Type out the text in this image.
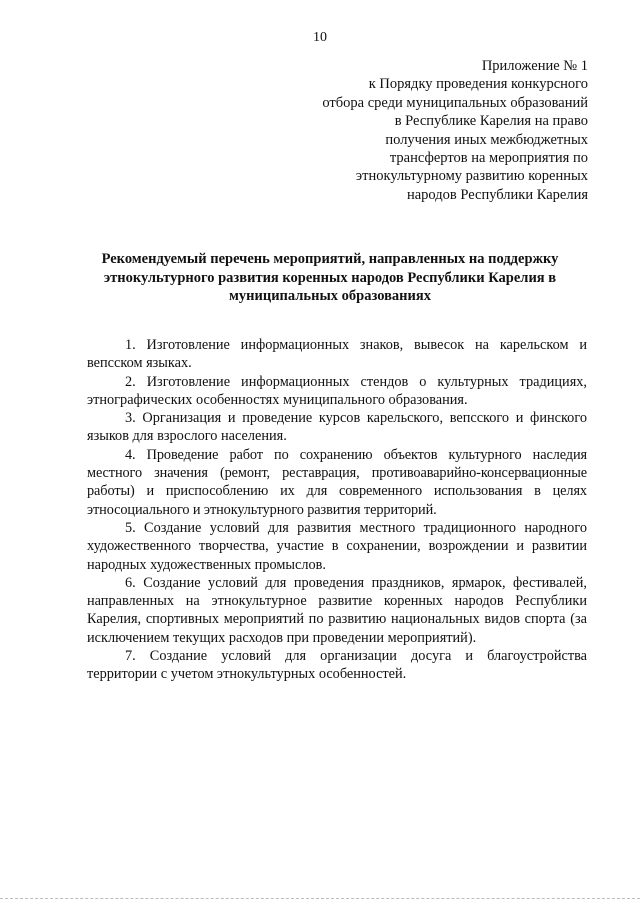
10
Приложение № 1
к Порядку проведения конкурсного
отбора среди муниципальных образований
в Республике Карелия на право
получения иных межбюджетных
трансфертов на мероприятия по
этнокультурному развитию коренных
народов Республики Карелия
Рекомендуемый перечень мероприятий, направленных на поддержку
этнокультурного развития коренных народов Республики Карелия в
муниципальных образованиях

1. Изготовление информационных знаков, вывесок на карельском и вепсском языках.

2. Изготовление информационных стендов о культурных традициях, этнографических особенностях муниципального образования.

3. Организация и проведение курсов карельского, вепсского и финского языков для взрослого населения.

4. Проведение работ по сохранению объектов культурного наследия местного значения (ремонт, реставрация, противоаварийно-консервационные работы) и приспособлению их для современного использования в целях этносоциального и этнокультурного развития территорий.

5. Создание условий для развития местного традиционного народного художественного творчества, участие в сохранении, возрождении и развитии народных художественных промыслов.

6. Создание условий для проведения праздников, ярмарок, фестивалей, направленных на этнокультурное развитие коренных народов Республики Карелия, спортивных мероприятий по развитию национальных видов спорта (за исключением текущих расходов при проведении мероприятий).

7. Создание условий для организации досуга и благоустройства территории с учетом этнокультурных особенностей.
